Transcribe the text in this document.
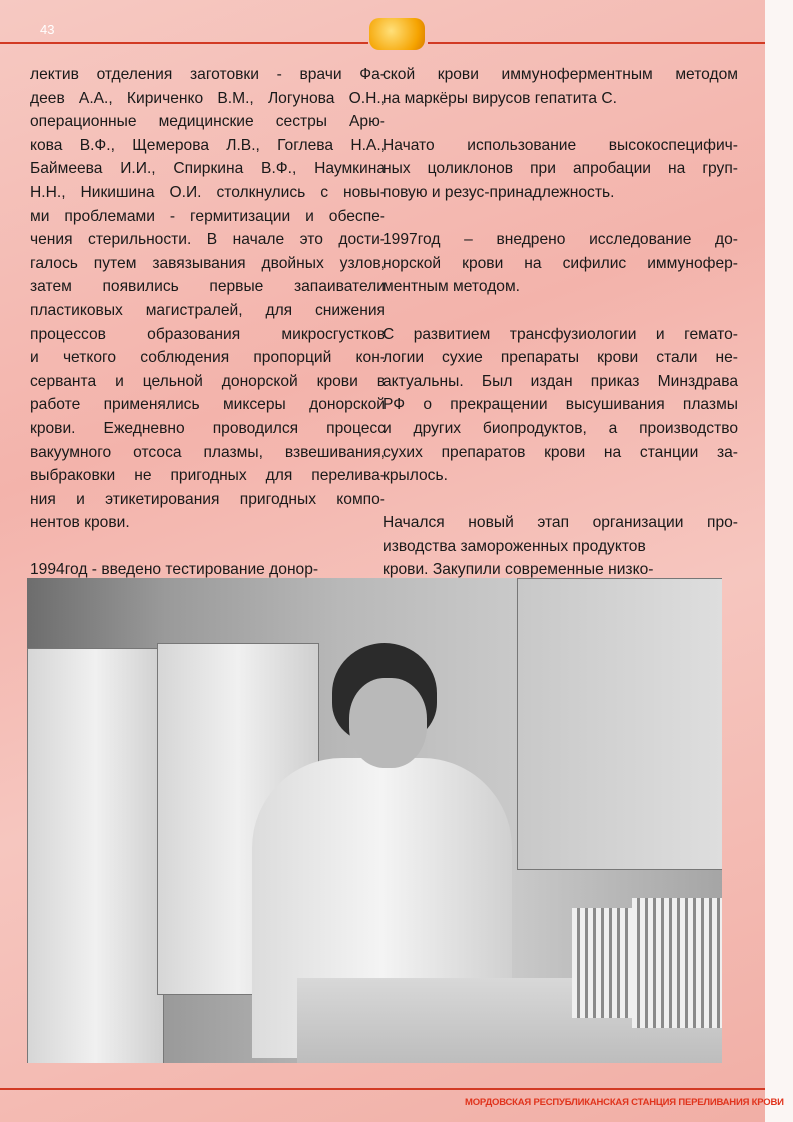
43
лектив отделения заготовки - врачи Фа-
деев А.А., Кириченко В.М., Логунова О.Н.,
операционные медицинские сестры Арю-
кова В.Ф., Щемерова Л.В., Гоглева Н.А.,
Баймеева И.И., Спиркина В.Ф., Наумкина
Н.Н., Никишина О.И. столкнулись с новы-
ми проблемами - гермитизации и обеспе-
чения стерильности. В начале это дости-
галось путем завязывания двойных узлов,
затем появились первые запаиватели
пластиковых магистралей, для снижения
процессов образования микросгустков
и четкого соблюдения пропорций кон-
серванта и цельной донорской крови в
работе применялись миксеры донорской
крови. Ежедневно проводился процесс
вакуумного отсоса плазмы, взвешивания,
выбраковки не пригодных для перелива-
ния и этикетирования пригодных компо-
нентов крови.
1994год - введено тестирование донор-
ской крови иммуноферментным методом
на маркёры вирусов гепатита С.
Начато использование высокоспецифич-
ных цоликлонов при апробации на груп-
повую и резус-принадлежность.
1997год – внедрено исследование до-
норской крови на сифилис иммунофер-
ментным методом.
С развитием трансфузиологии и гемато-
логии сухие препараты крови стали не-
актуальны. Был издан приказ Минздрава
РФ о прекращении высушивания плазмы
и других биопродуктов, а производство
сухих препаратов крови на станции за-
крылось.
Начался новый этап организации про-
изводства замороженных продуктов
крови. Закупили современные низко-
МОРДОВСКАЯ РЕСПУБЛИКАНСКАЯ СТАНЦИЯ ПЕРЕЛИВАНИЯ КРОВИ
